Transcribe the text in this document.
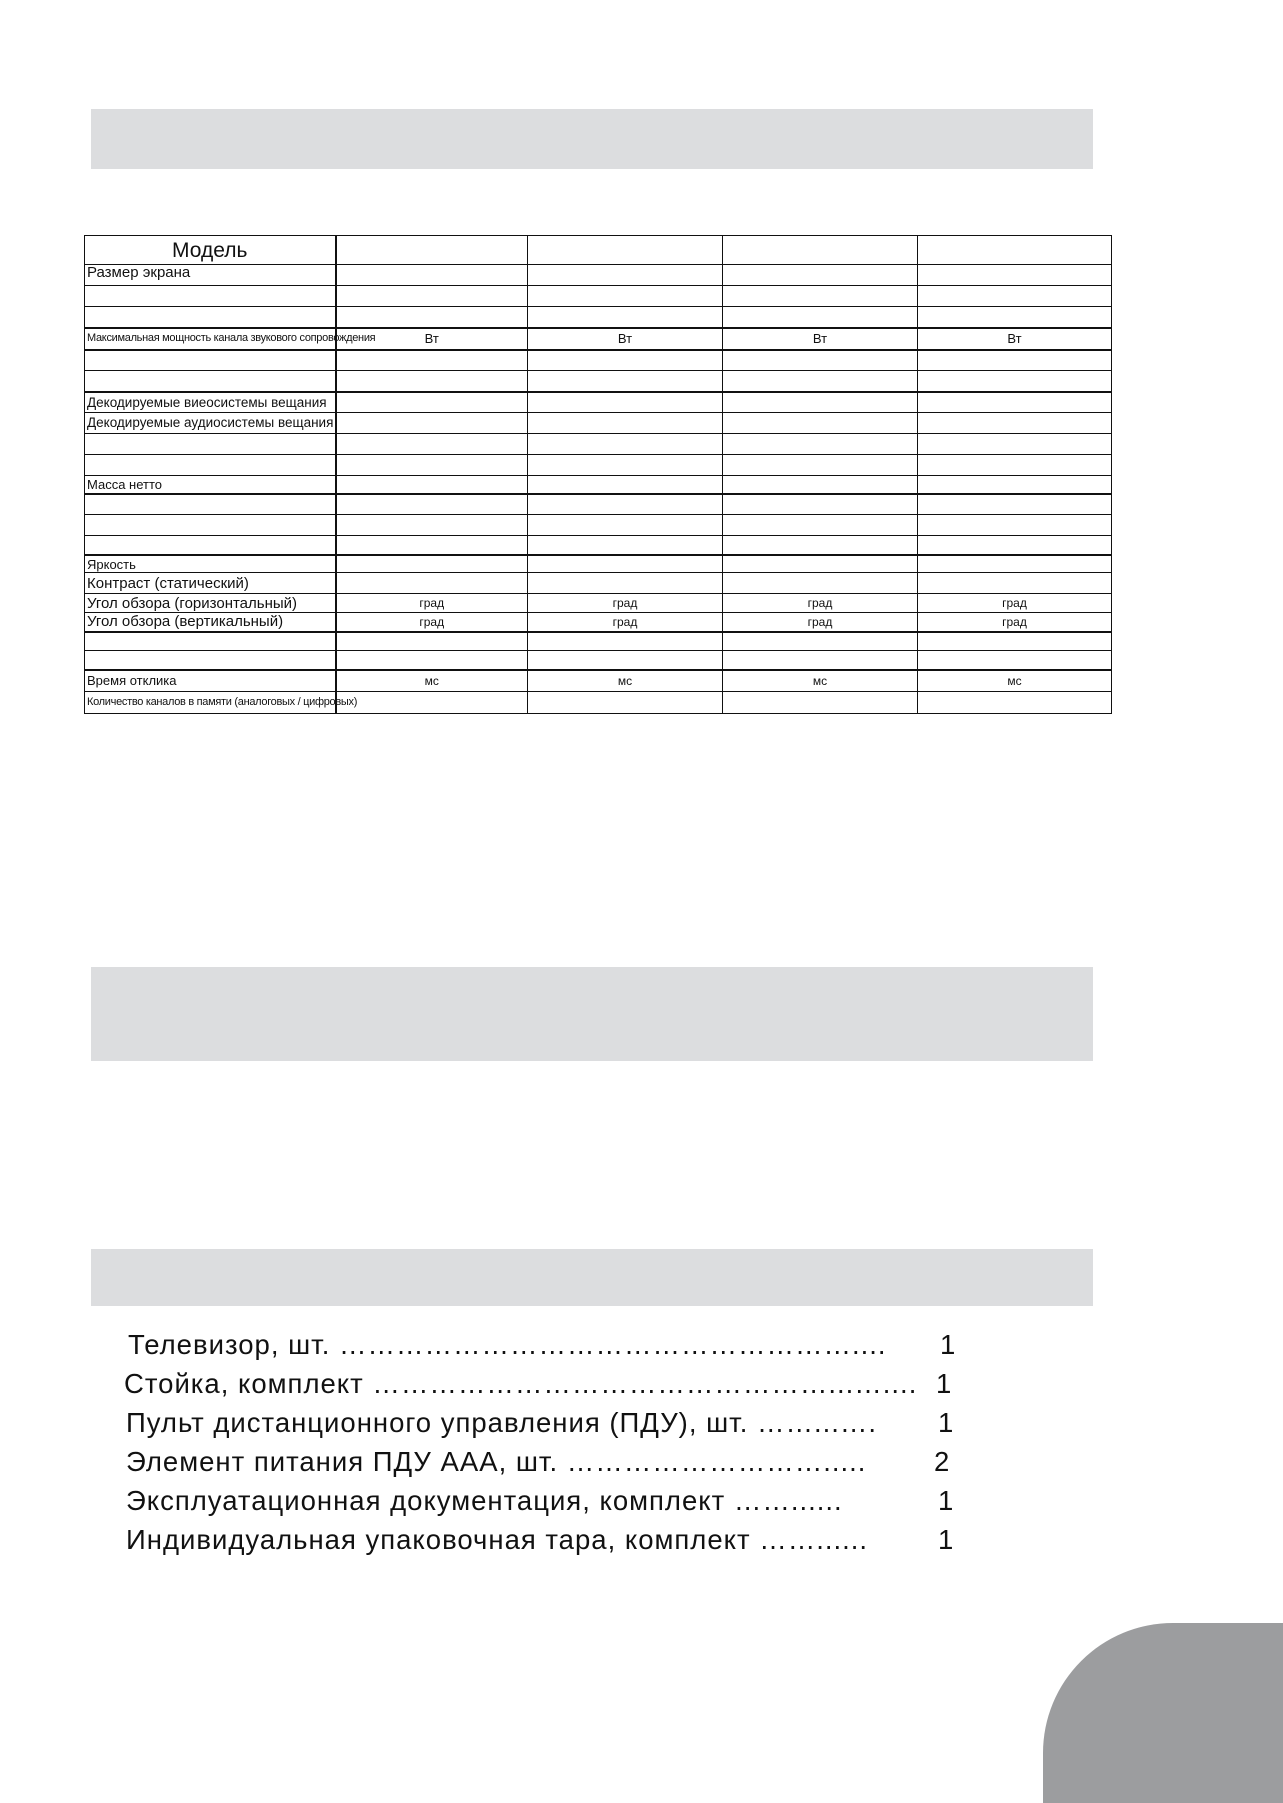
Модель				
Размер экрана				

Максимальная мощность канала звукового сопровождения	Вт	Вт	Вт	Вт

Декодируемые виеосистемы вещания				
Декодируемые аудиосистемы вещания				

Масса нетто				

Яркость				
Контраст (статический)				
Угол обзора (горизонтальный)	град	град	град	град
Угол обзора (вертикальный)	град	град	град	град

Время отклика	мс	мс	мс	мс
Количество каналов в памяти (аналоговых / цифровых)				
Телевизор, шт. ……………………………………………….... 1
Стойка, комплект …………………………………………...….... 1
Пульт дистанционного управления (ПДУ), шт. ……...…. 1
Элемент питания ПДУ ААА, шт. ………………………..... 2
Эксплуатационная документация, комплект ……......	1
Индивидуальная упаковочная тара, комплект ……......	1
